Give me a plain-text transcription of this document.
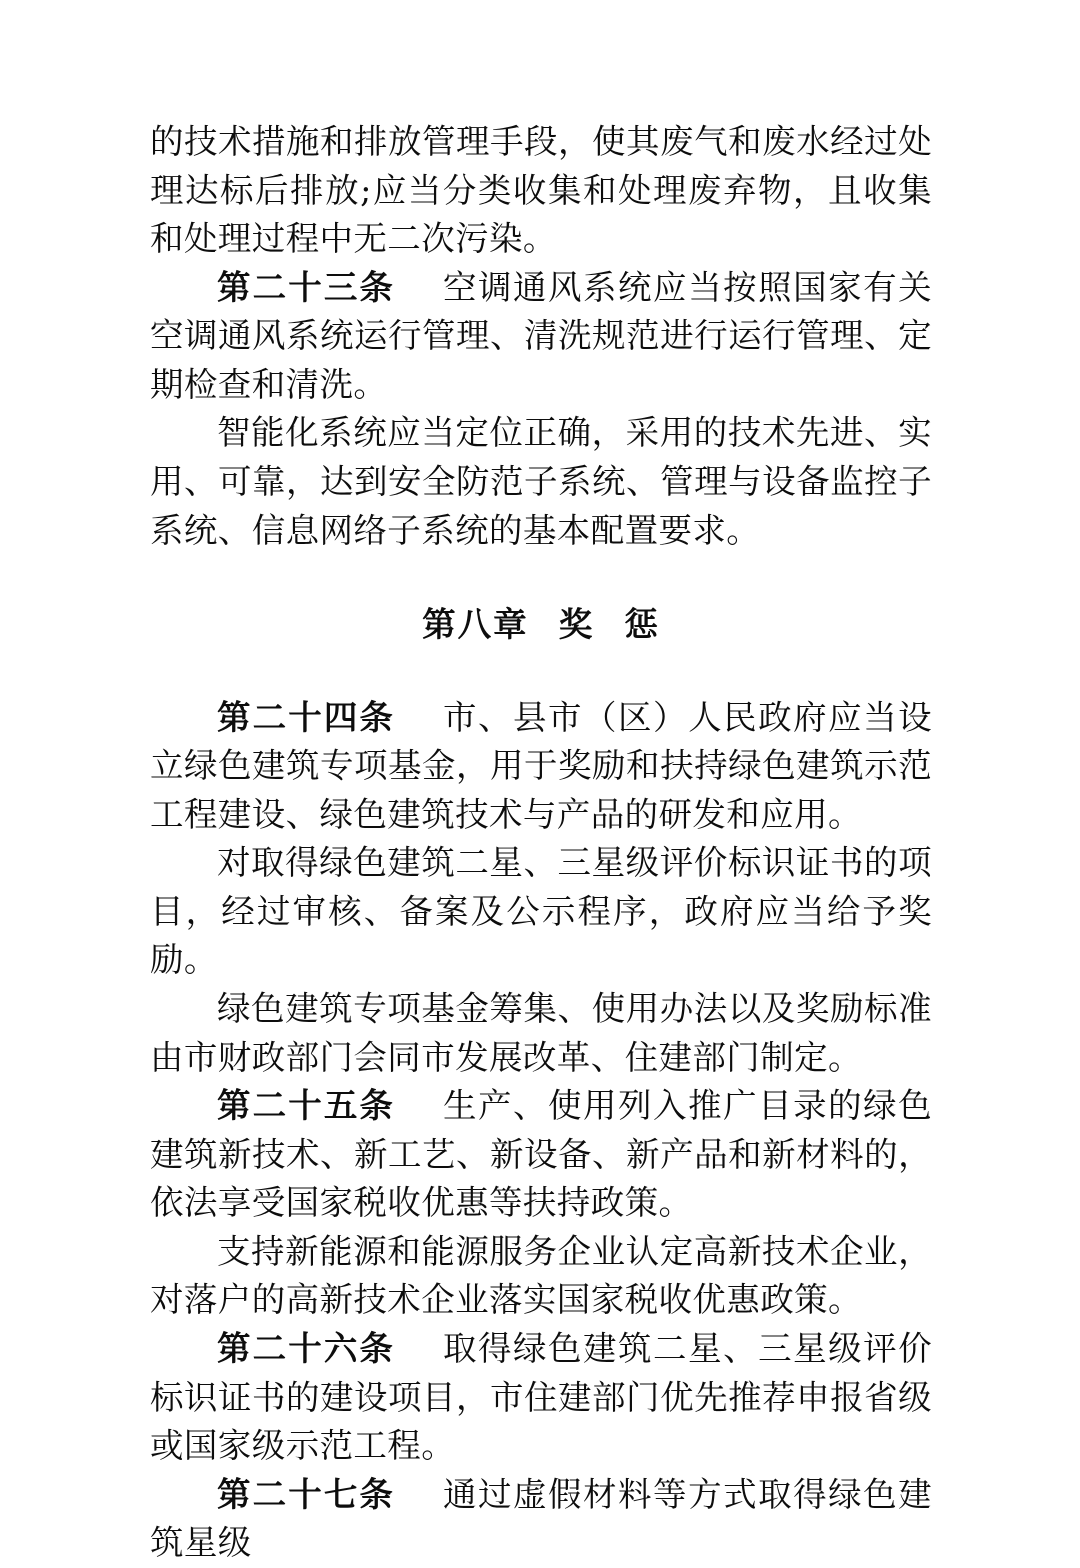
的技术措施和排放管理手段，使其废气和废水经过处理达标后排放;应当分类收集和处理废弃物，且收集和处理过程中无二次污染。

第二十三条 空调通风系统应当按照国家有关空调通风系统运行管理、清洗规范进行运行管理、定期检查和清洗。

智能化系统应当定位正确，采用的技术先进、实用、可靠，达到安全防范子系统、管理与设备监控子系统、信息网络子系统的基本配置要求。

第八章 奖 惩

第二十四条 市、县市（区）人民政府应当设立绿色建筑专项基金，用于奖励和扶持绿色建筑示范工程建设、绿色建筑技术与产品的研发和应用。

对取得绿色建筑二星、三星级评价标识证书的项目，经过审核、备案及公示程序，政府应当给予奖励。

绿色建筑专项基金筹集、使用办法以及奖励标准由市财政部门会同市发展改革、住建部门制定。

第二十五条 生产、使用列入推广目录的绿色建筑新技术、新工艺、新设备、新产品和新材料的，依法享受国家税收优惠等扶持政策。

支持新能源和能源服务企业认定高新技术企业，对落户的高新技术企业落实国家税收优惠政策。

第二十六条 取得绿色建筑二星、三星级评价标识证书的建设项目，市住建部门优先推荐申报省级或国家级示范工程。

第二十七条 通过虚假材料等方式取得绿色建筑星级
